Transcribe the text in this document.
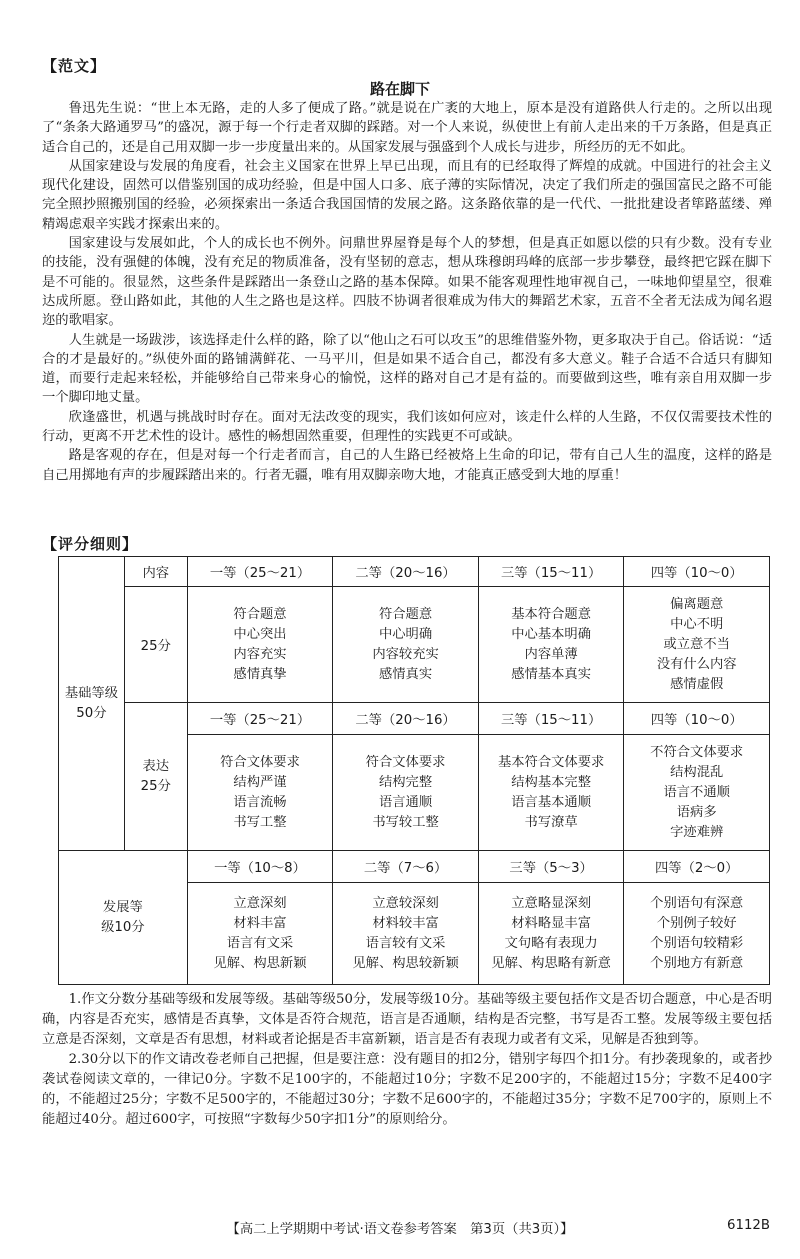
【范文】
路在脚下

鲁迅先生说：“世上本无路，走的人多了便成了路。”就是说在广袤的大地上，原本是没有道路供人行走的。之所以出现了“条条大路通罗马”的盛况，源于每一个行走者双脚的踩踏。对一个人来说，纵使世上有前人走出来的千万条路，但是真正适合自己的，还是自己用双脚一步一步度量出来的。从国家发展与强盛到个人成长与进步，所经历的无不如此。

从国家建设与发展的角度看，社会主义国家在世界上早已出现，而且有的已经取得了辉煌的成就。中国进行的社会主义现代化建设，固然可以借鉴别国的成功经验，但是中国人口多、底子薄的实际情况，决定了我们所走的强国富民之路不可能完全照抄照搬别国的经验，必须探索出一条适合我国国情的发展之路。这条路依靠的是一代代、一批批建设者筚路蓝缕、殚精竭虑艰辛实践才探索出来的。

国家建设与发展如此，个人的成长也不例外。问鼎世界屋脊是每个人的梦想，但是真正如愿以偿的只有少数。没有专业的技能，没有强健的体魄，没有充足的物质准备，没有坚韧的意志，想从珠穆朗玛峰的底部一步步攀登，最终把它踩在脚下是不可能的。很显然，这些条件是踩踏出一条登山之路的基本保障。如果不能客观理性地审视自己，一味地仰望星空，很难达成所愿。登山路如此，其他的人生之路也是这样。四肢不协调者很难成为伟大的舞蹈艺术家，五音不全者无法成为闻名遐迩的歌唱家。

人生就是一场跋涉，该选择走什么样的路，除了以“他山之石可以攻玉”的思维借鉴外物，更多取决于自己。俗话说：“适合的才是最好的。”纵使外面的路铺满鲜花、一马平川，但是如果不适合自己，都没有多大意义。鞋子合适不合适只有脚知道，而要行走起来轻松，并能够给自己带来身心的愉悦，这样的路对自己才是有益的。而要做到这些，唯有亲自用双脚一步一个脚印地丈量。

欣逢盛世，机遇与挑战时时存在。面对无法改变的现实，我们该如何应对，该走什么样的人生路，不仅仅需要技术性的行动，更离不开艺术性的设计。感性的畅想固然重要，但理性的实践更不可或缺。

路是客观的存在，但是对每一个行走者而言，自己的人生路已经被烙上生命的印记，带有自己人生的温度，这样的路是自己用掷地有声的步履踩踏出来的。行者无疆，唯有用双脚亲吻大地，才能真正感受到大地的厚重！

【评分细则】
基础等级50分	内容	一等（25～21）	二等（20～16）	三等（15～11）	四等（10～0）
	25分	符合题意
中心突出
内容充实
感情真挚	符合题意
中心明确
内容较充实
感情真实	基本符合题意
中心基本明确
内容单薄
感情基本真实	偏离题意
中心不明
或立意不当
没有什么内容
感情虚假

	表达25分	一等（25～21）	二等（20～16）	三等（15～11）	四等（10～0）
		符合文体要求
结构严谨
语言流畅
书写工整	符合文体要求
结构完整
语言通顺
书写较工整	基本符合文体要求
结构基本完整
语言基本通顺
书写潦草	不符合文体要求
结构混乱
语言不通顺
语病多
字迹难辨

发展等级10分		一等（10～8）	二等（7～6）	三等（5～3）	四等（2～0）
		立意深刻
材料丰富
语言有文采
见解、构思新颖	立意较深刻
材料较丰富
语言较有文采
见解、构思较新颖	立意略显深刻
材料略显丰富
文句略有表现力
见解、构思略有新意	个别语句有深意
个别例子较好
个别语句较精彩
个别地方有新意

1.作文分数分基础等级和发展等级。基础等级50分，发展等级10分。基础等级主要包括作文是否切合题意，中心是否明确，内容是否充实，感情是否真挚，文体是否符合规范，语言是否通顺，结构是否完整，书写是否工整。发展等级主要包括立意是否深刻，文章是否有思想，材料或者论据是否丰富新颖，语言是否有表现力或者有文采，见解是否独到等。

2.30分以下的作文请改卷老师自己把握，但是要注意：没有题目的扣2分，错别字每四个扣1分。有抄袭现象的，或者抄袭试卷阅读文章的，一律记0分。字数不足100字的，不能超过10分；字数不足200字的，不能超过15分；字数不足400字的，不能超过25分；字数不足500字的，不能超过30分；字数不足600字的，不能超过35分；字数不足700字的，原则上不能超过40分。超过600字，可按照“字数每少50字扣1分”的原则给分。

【高二上学期期中考试·语文卷参考答案　第3页（共3页）】	6112B
